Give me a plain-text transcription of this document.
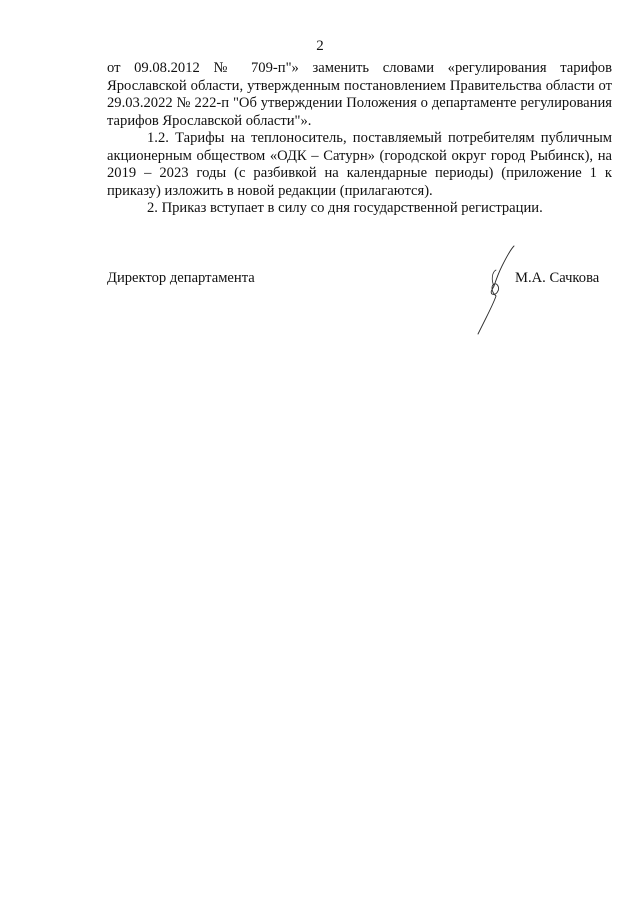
2

от 09.08.2012 № 709-п"» заменить словами «регулирования тарифов Ярославской области, утвержденным постановлением Правительства области от 29.03.2022 № 222-п "Об утверждении Положения о департаменте регулирования тарифов Ярославской области"».

1.2. Тарифы на теплоноситель, поставляемый потребителям публичным акционерным обществом «ОДК – Сатурн» (городской округ город Рыбинск), на 2019 – 2023 годы (с разбивкой на календарные периоды) (приложение 1 к приказу) изложить в новой редакции (прилагаются).

2. Приказ вступает в силу со дня государственной регистрации.

Директор департамента	М.А. Сачкова
